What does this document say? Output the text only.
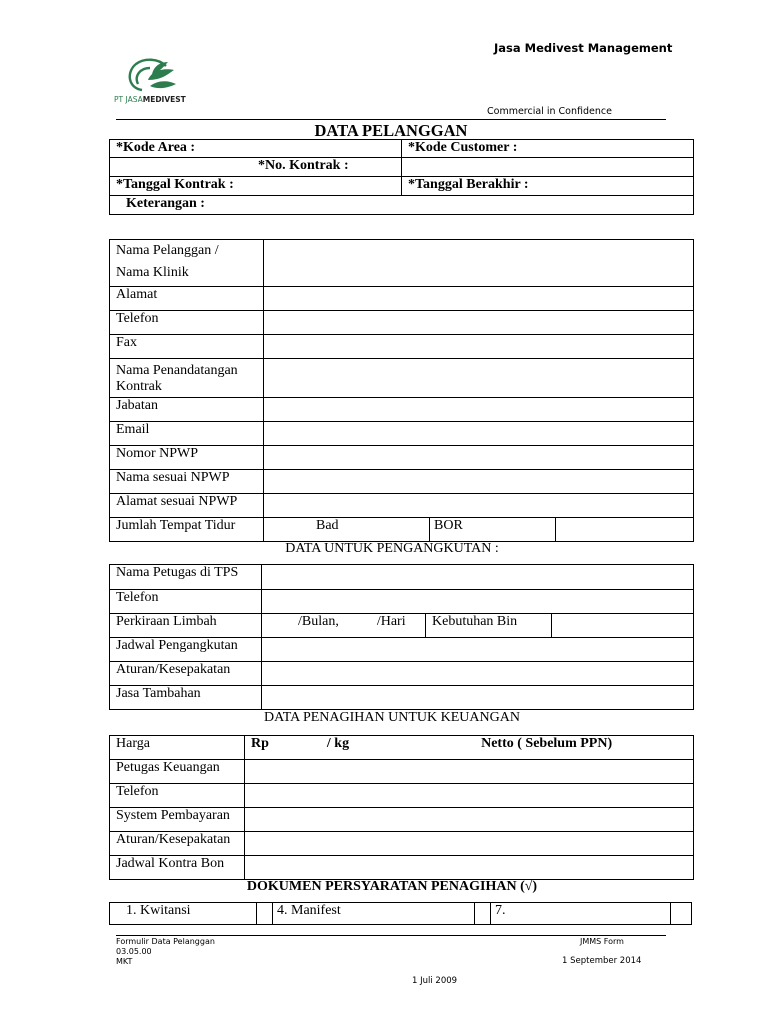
Jasa Medivest Management
PT JASAMEDIVEST
Commercial in Confidence
DATA PELANGGAN
*Kode Area :	*Kode Customer :
*No. Kontrak :	
*Tanggal Kontrak :	*Tanggal Berakhir :
Keterangan :	
Nama Pelanggan /
Nama Klinik			

Alamat			
Telefon			
Fax			

Nama Penandatangan
Kontrak			

Jabatan			
Email			
Nomor NPWP			
Nama sesuai NPWP			
Alamat sesuai NPWP			
Jumlah Tempat Tidur	Bad	BOR	
DATA UNTUK PENGANGKUTAN :
Nama Petugas di TPS			
Telefon			
Perkiraan Limbah	/Bulan, /Hari	Kebutuhan Bin	
Jadwal Pengangkutan			
Aturan/Kesepakatan			
Jasa Tambahan			
DATA PENAGIHAN UNTUK KEUANGAN
Harga	Rp / kg Netto ( Sebelum PPN)
Petugas Keuangan	
Telefon	
System Pembayaran	
Aturan/Kesepakatan	
Jadwal Kontra Bon	
DOKUMEN PERSYARATAN PENAGIHAN (√)
1. Kwitansi		4. Manifest		7.	
Formulir Data Pelanggan
03.05.00
MKT
JMMS Form
1 September 2014
1 Juli 2009
